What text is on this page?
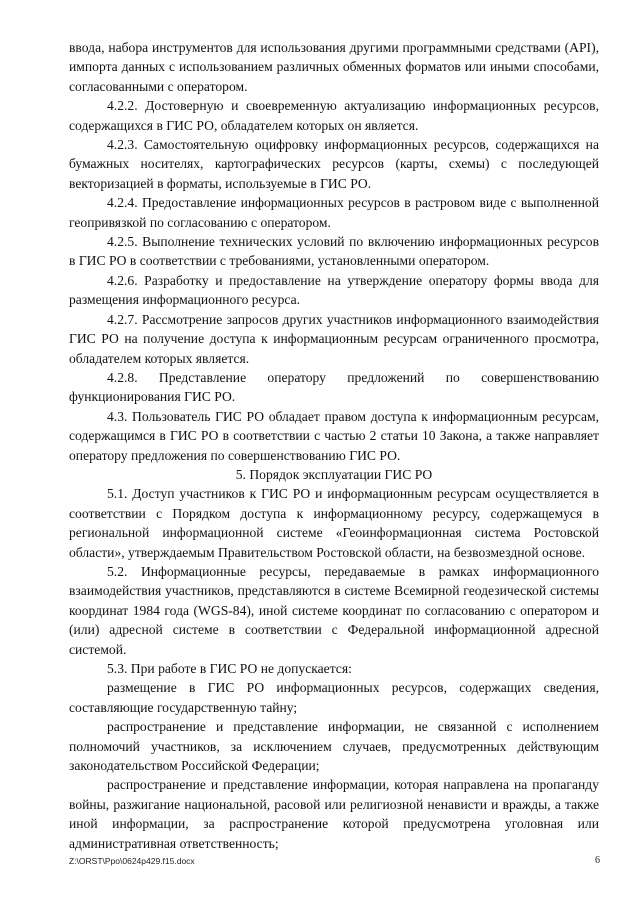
ввода, набора инструментов для использования другими программными средствами (API), импорта данных с использованием различных обменных форматов или иными способами, согласованными с оператором.

4.2.2. Достоверную и своевременную актуализацию информационных ресурсов, содержащихся в ГИС РО, обладателем которых он является.

4.2.3. Самостоятельную оцифровку информационных ресурсов, содержащихся на бумажных носителях, картографических ресурсов (карты, схемы) с последующей векторизацией в форматы, используемые в ГИС РО.

4.2.4. Предоставление информационных ресурсов в растровом виде с выполненной геопривязкой по согласованию с оператором.

4.2.5. Выполнение технических условий по включению информационных ресурсов в ГИС РО в соответствии с требованиями, установленными оператором.

4.2.6. Разработку и предоставление на утверждение оператору формы ввода для размещения информационного ресурса.

4.2.7. Рассмотрение запросов других участников информационного взаимодействия ГИС РО на получение доступа к информационным ресурсам ограниченного просмотра, обладателем которых является.

4.2.8. Представление оператору предложений по совершенствованию функционирования ГИС РО.

4.3. Пользователь ГИС РО обладает правом доступа к информационным ресурсам, содержащимся в ГИС РО в соответствии с частью 2 статьи 10 Закона, а также направляет оператору предложения по совершенствованию ГИС РО.

5. Порядок эксплуатации ГИС РО

5.1. Доступ участников к ГИС РО и информационным ресурсам осуществляется в соответствии с Порядком доступа к информационному ресурсу, содержащемуся в региональной информационной системе «Геоинформационная система Ростовской области», утверждаемым Правительством Ростовской области, на безвозмездной основе.

5.2. Информационные ресурсы, передаваемые в рамках информационного взаимодействия участников, представляются в системе Всемирной геодезической системы координат 1984 года (WGS-84), иной системе координат по согласованию с оператором и (или) адресной системе в соответствии с Федеральной информационной адресной системой.

5.3. При работе в ГИС РО не допускается:

размещение в ГИС РО информационных ресурсов, содержащих сведения, составляющие государственную тайну;

распространение и представление информации, не связанной с исполнением полномочий участников, за исключением случаев, предусмотренных действующим законодательством Российской Федерации;

распространение и представление информации, которая направлена на пропаганду войны, разжигание национальной, расовой или религиозной ненависти и вражды, а также иной информации, за распространение которой предусмотрена уголовная или административная ответственность;

Z:\ORST\Ppo\0624p429.f15.docx	6
